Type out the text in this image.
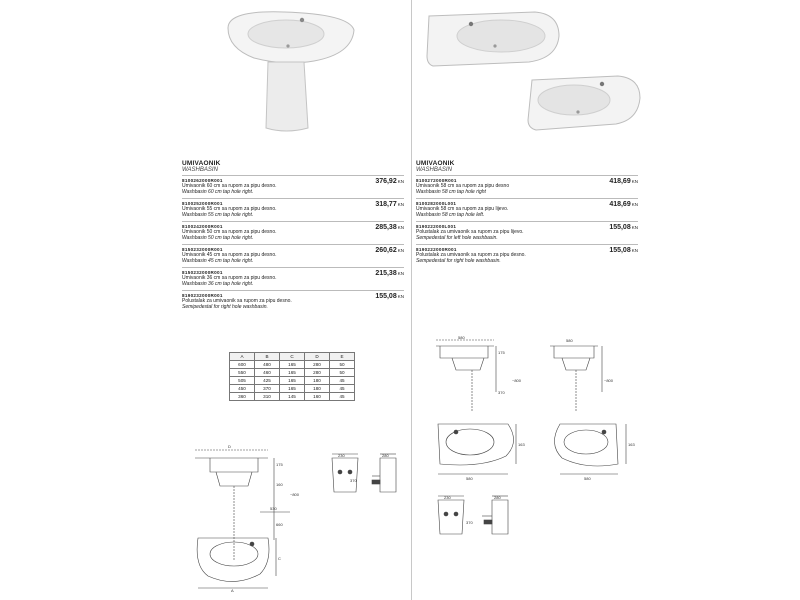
UMIVAONIK
WASHBASIN
8100262000R001
Umivaonik 60 cm sa rupom za pipu desno.
Washbasin 60 cm tap hole right.
376,92KN
8100252000R001
Umivaonik 55 cm sa rupom za pipu desno.
Washbasin 55 cm tap hole right.
318,77KN
8100242000R001
Umivaonik 50 cm sa rupom za pipu desno.
Washbasin 50 cm tap hole right.
285,38KN
8150232000R001
Umivaonik 45 cm sa rupom za pipu desno.
Washbasin 45 cm tap hole right.
260,62KN
8150232000R001
Umivaonik 36 cm sa rupom za pipu desno.
Washbasin 36 cm tap hole right.
215,38KN
8190232000R001
Polustalak za umivaonik sa rupom za pipu desno.
Semipedestal for right hole washbasin.
155,08KN
UMIVAONIK
WASHBASIN
8100272000R001
Umivaonik 58 cm sa rupom za pipu desno
Washbasin 58 cm tap hole right
418,69KN
8100282000L001
Umivaonik 58 cm sa rupom za pipu lijevo.
Washbasin 58 cm tap hole left.
418,69KN
8190222000L001
Polustalak za umivaonik sa rupom za pipu lijevo.
Sempedestal for left hole washbasin.
155,08KN
8190222000R001
Polustalak za umivaonik sa rupom za pipu desno.
Sempedestal for right hole washbasin.
155,08KN
A	B	C	D	E
600	480	165	280	50
550	460	165	280	50
505	425	165	180	45
450	370	165	180	45
360	310	145	160	45
D
175
160
~800
530
660
A
C
230
370
280
580
175
~800
370
580
~800
580
163
580
163
230
370
280
